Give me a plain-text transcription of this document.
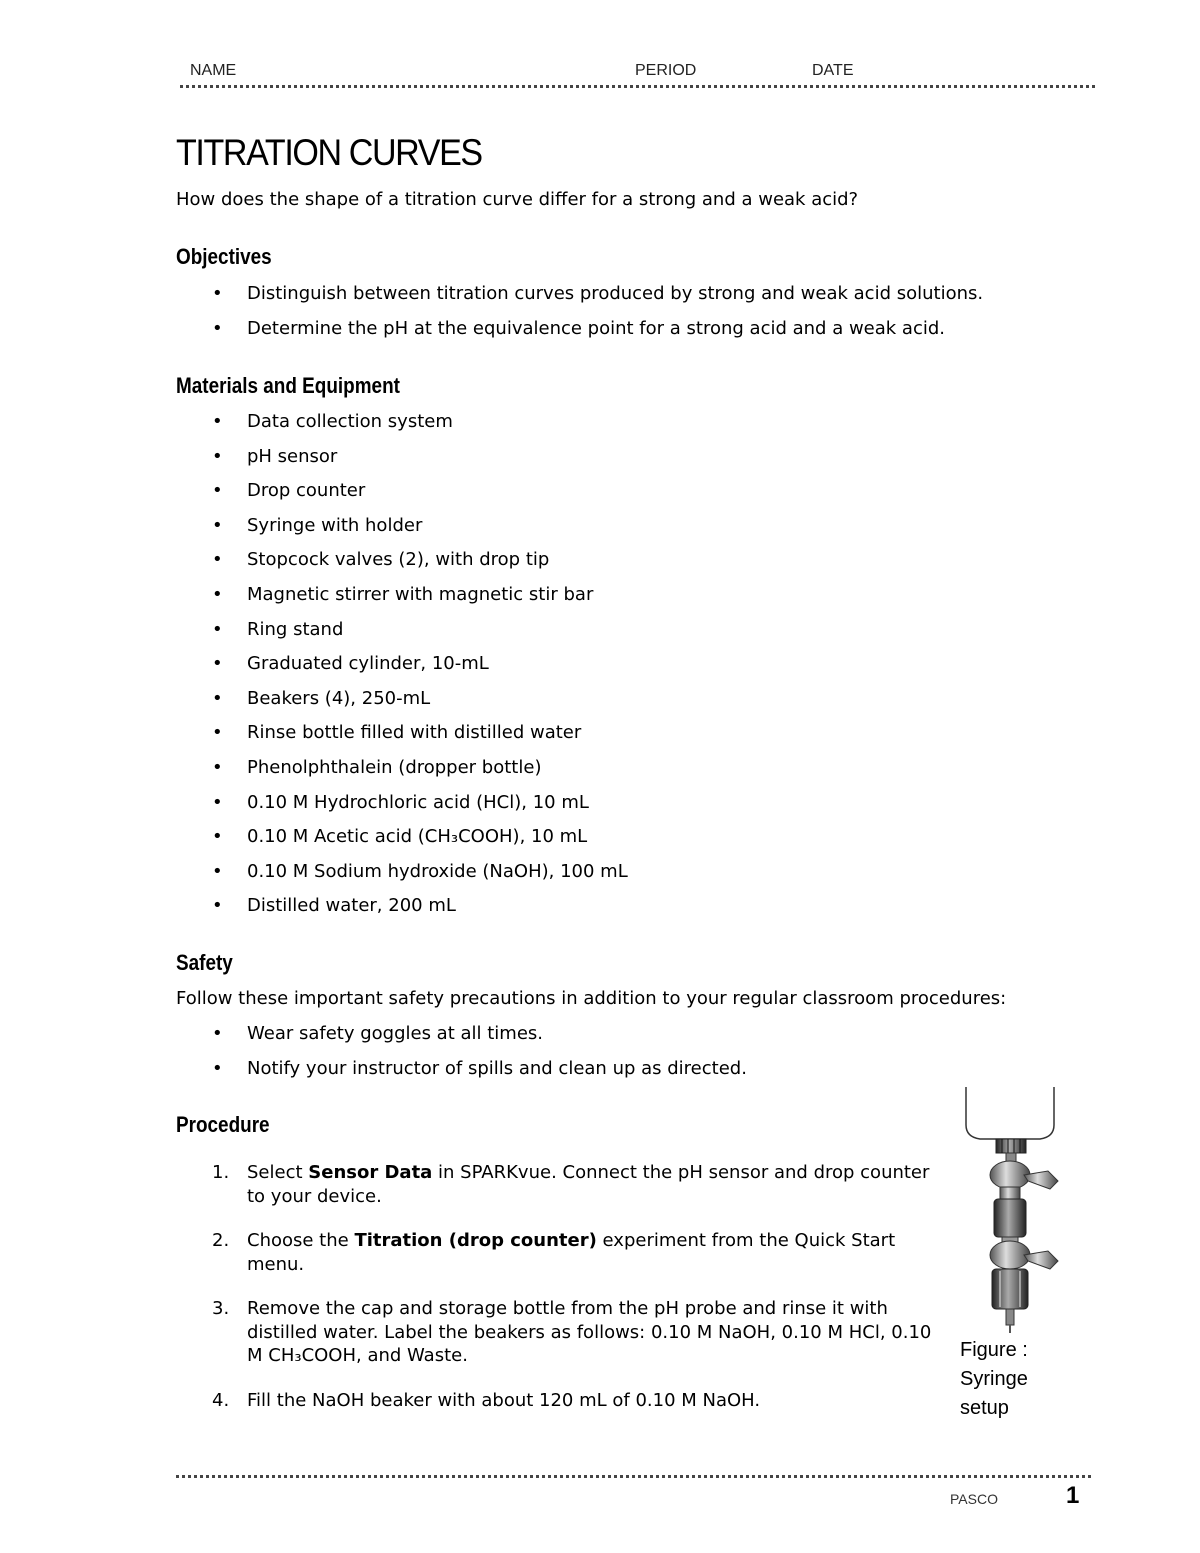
NAME	PERIOD	DATE
TITRATION CURVES

How does the shape of a titration curve differ for a strong and a weak acid?

Objectives
• Distinguish between titration curves produced by strong and weak acid solutions.
• Determine the pH at the equivalence point for a strong acid and a weak acid.
Materials and Equipment
• Data collection system
• pH sensor
• Drop counter
• Syringe with holder
• Stopcock valves (2), with drop tip
• Magnetic stirrer with magnetic stir bar
• Ring stand
• Graduated cylinder, 10-mL
• Beakers (4), 250-mL
• Rinse bottle filled with distilled water
• Phenolphthalein (dropper bottle)
• 0.10 M Hydrochloric acid (HCl), 10 mL
• 0.10 M Acetic acid (CH₃COOH), 10 mL
• 0.10 M Sodium hydroxide (NaOH), 100 mL
• Distilled water, 200 mL
Safety

Follow these important safety precautions in addition to your regular classroom procedures:

• Wear safety goggles at all times.
• Notify your instructor of spills and clean up as directed.
Procedure
1. Select Sensor Data in SPARKvue. Connect the pH sensor and drop counter to your device.
2. Choose the Titration (drop counter) experiment from the Quick Start menu.
3. Remove the cap and storage bottle from the pH probe and rinse it with distilled water. Label the beakers as follows: 0.10 M NaOH, 0.10 M HCl, 0.10 M CH₃COOH, and Waste.
4. Fill the NaOH beaker with about 120 mL of 0.10 M NaOH.
Figure :
Syringe
setup
PASCO	1
